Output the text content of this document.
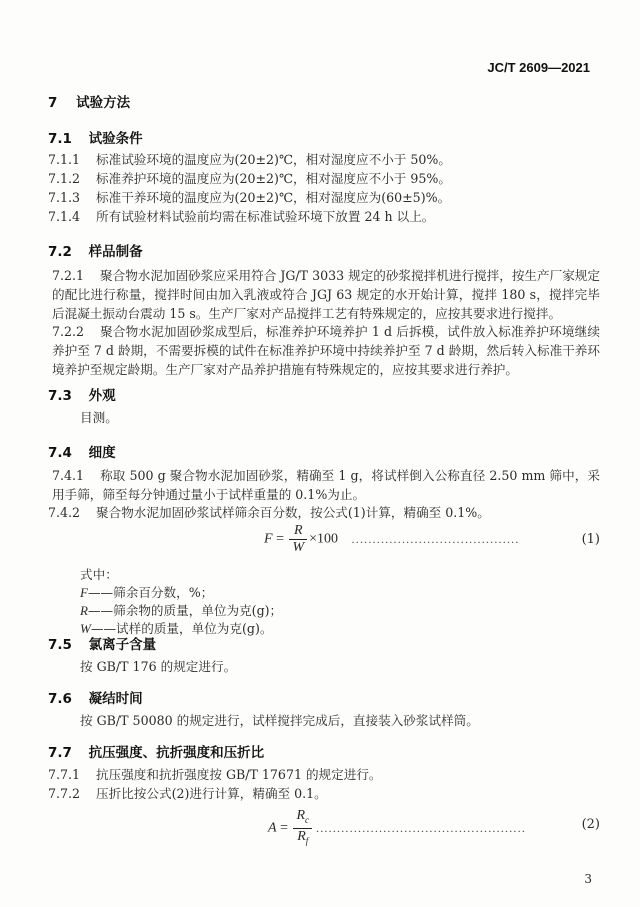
JC/T 2609—2021
7 试验方法
7.1 试验条件
7.1.1 标准试验环境的温度应为(20±2)℃，相对湿度应不小于 50%。
7.1.2 标准养护环境的温度应为(20±2)℃，相对湿度应不小于 95%。
7.1.3 标准干养环境的温度应为(20±2)℃，相对湿度应为(60±5)%。
7.1.4 所有试验材料试验前均需在标准试验环境下放置 24 h 以上。
7.2 样品制备
7.2.1 聚合物水泥加固砂浆应采用符合 JG/T 3033 规定的砂浆搅拌机进行搅拌，按生产厂家规定的配比进行称量，搅拌时间由加入乳液或符合 JGJ 63 规定的水开始计算，搅拌 180 s，搅拌完毕后混凝土振动台震动 15 s。生产厂家对产品搅拌工艺有特殊规定的，应按其要求进行搅拌。
7.2.2 聚合物水泥加固砂浆成型后，标准养护环境养护 1 d 后拆模，试件放入标准养护环境继续养护至 7 d 龄期，不需要拆模的试件在标准养护环境中持续养护至 7 d 龄期，然后转入标准干养环境养护至规定龄期。生产厂家对产品养护措施有特殊规定的，应按其要求进行养护。
7.3 外观
目测。
7.4 细度
7.4.1 称取 500 g 聚合物水泥加固砂浆，精确至 1 g，将试样倒入公称直径 2.50 mm 筛中，采用手筛，筛至每分钟通过量小于试样重量的 0.1%为止。
7.4.2 聚合物水泥加固砂浆试样筛余百分数，按公式(1)计算，精确至 0.1%。
$F = \frac{R}{W} \times 100$ ........................................	(1)
式中：
F——筛余百分数，%；
R——筛余物的质量，单位为克(g)；
W——试样的质量，单位为克(g)。
7.5 氯离子含量
按 GB/T 176 的规定进行。
7.6 凝结时间
按 GB/T 50080 的规定进行，试样搅拌完成后，直接装入砂浆试样筒。
7.7 抗压强度、抗折强度和压折比
7.7.1 抗压强度和抗折强度按 GB/T 17671 的规定进行。
7.7.2 压折比按公式(2)进行计算，精确至 0.1。
$A = \frac{R_c}{R_f}$ ..................................................	(2)
3
